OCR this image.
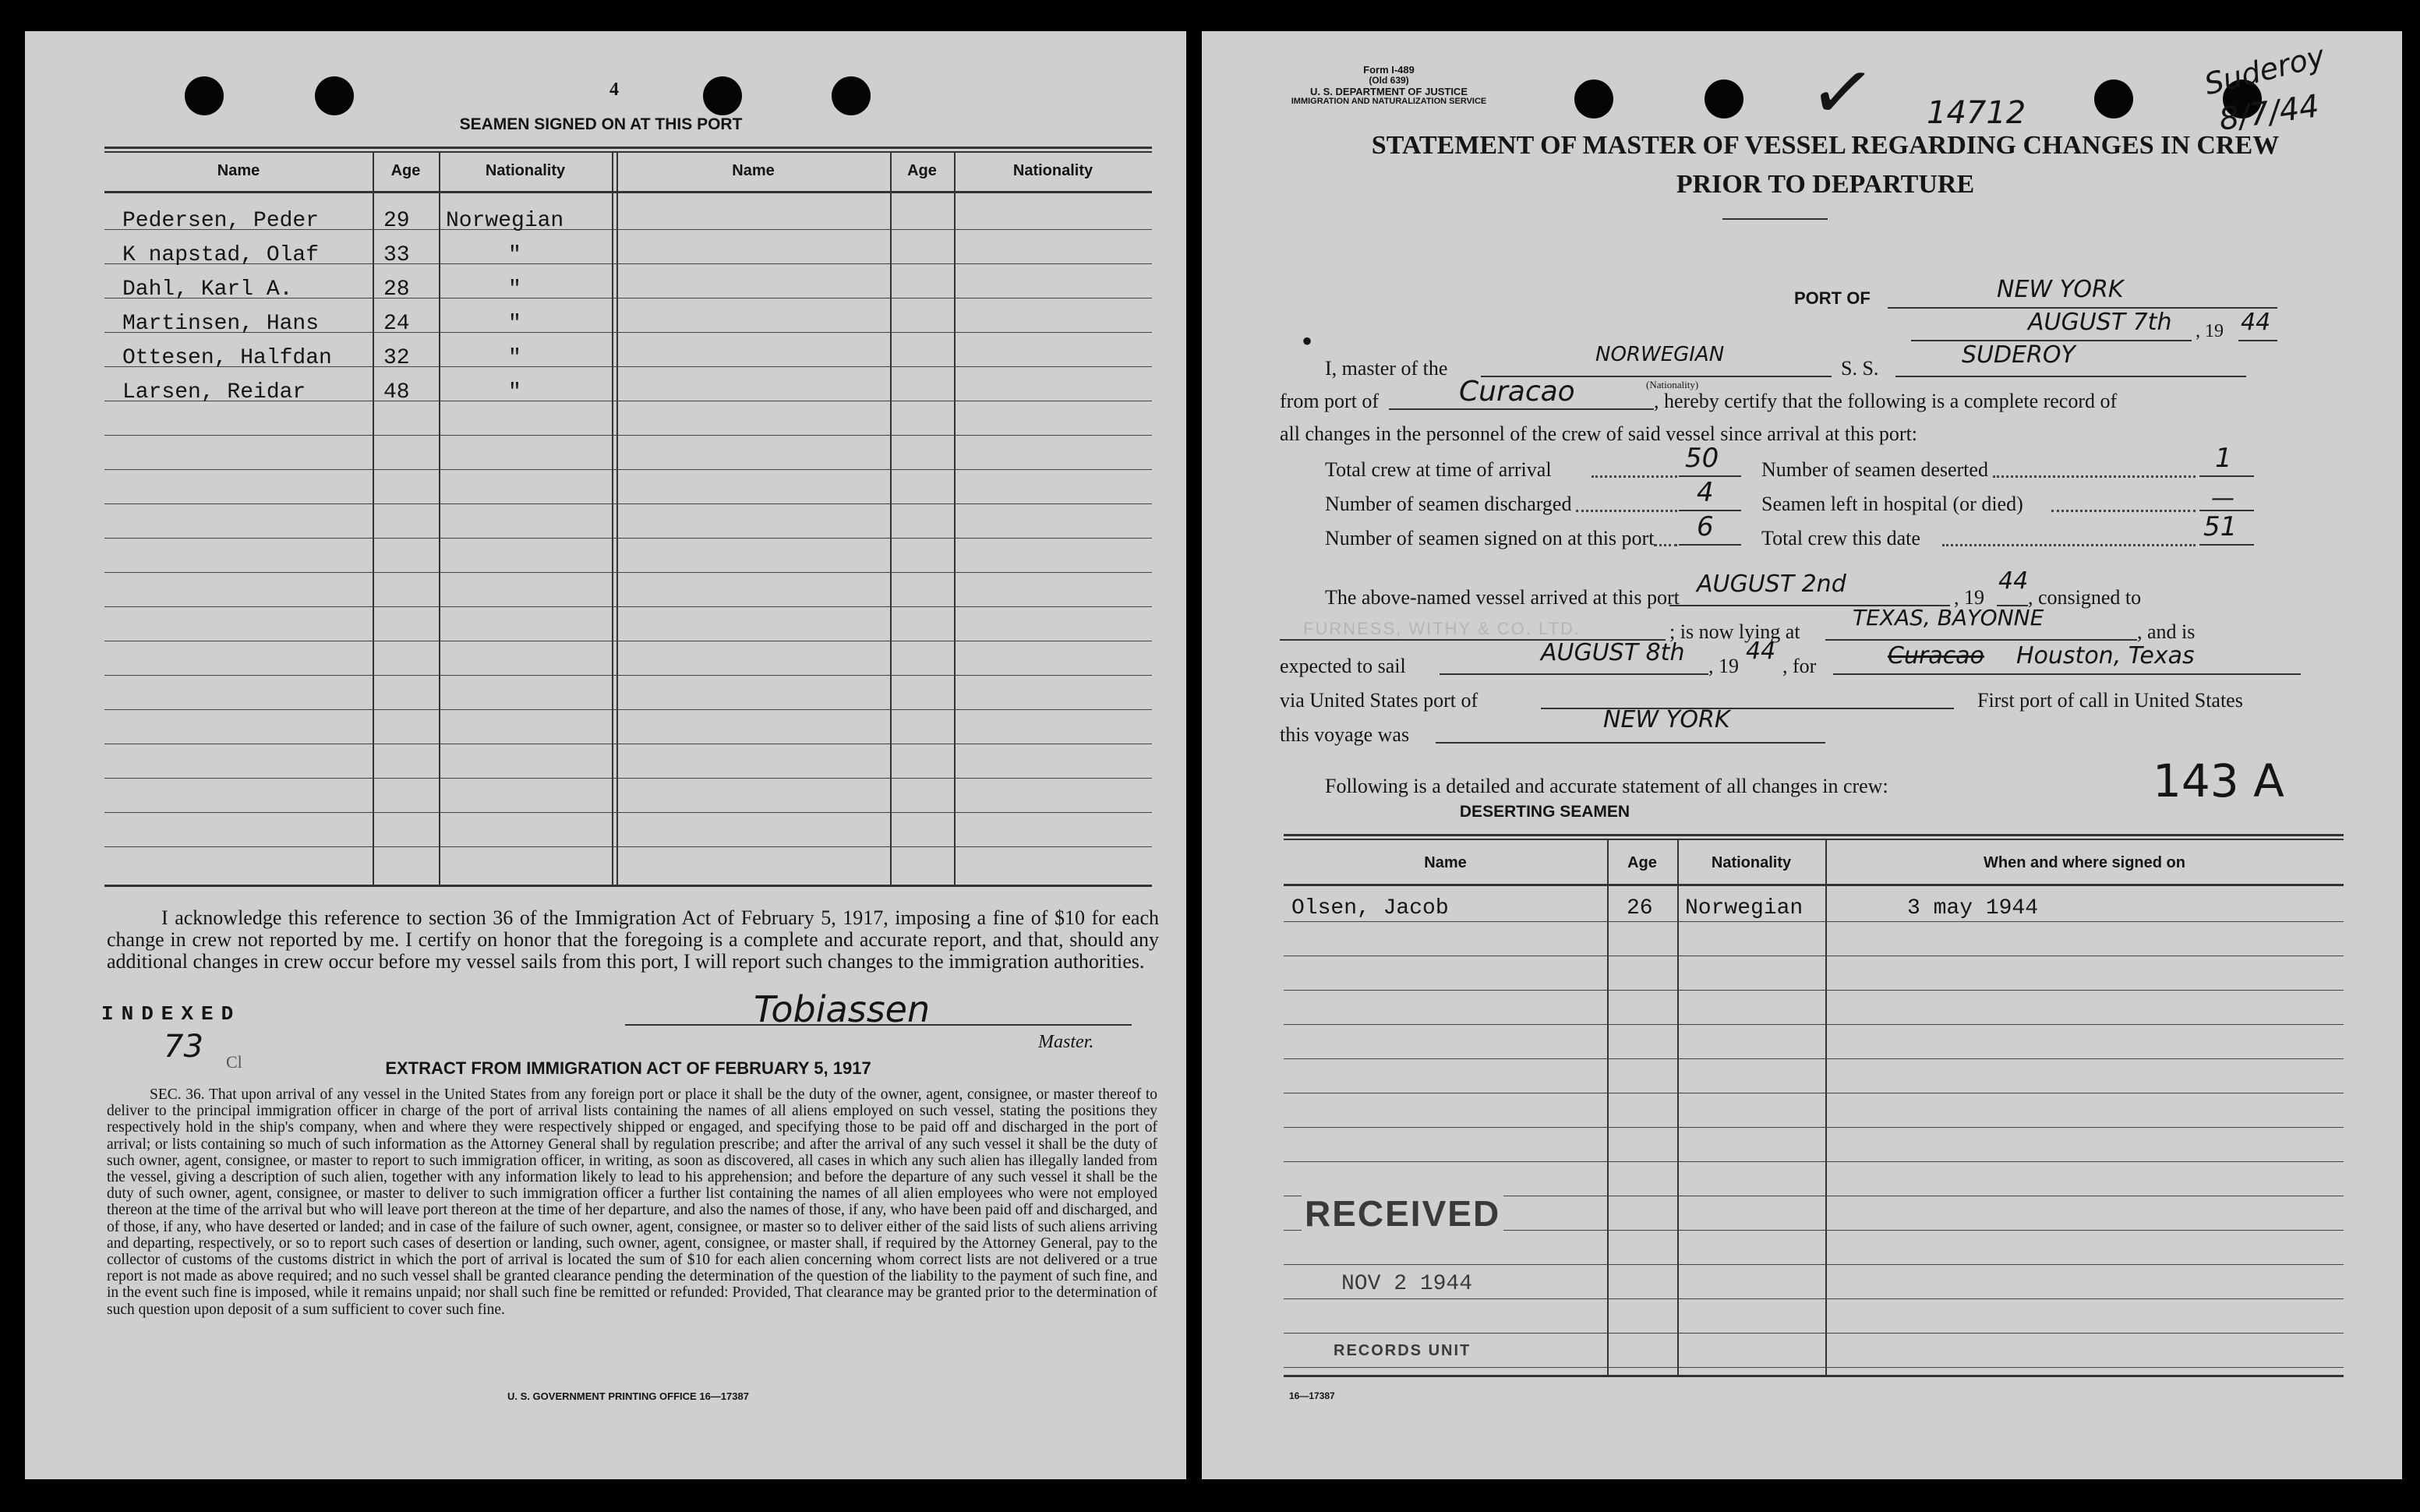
4
SEAMEN SIGNED ON AT THIS PORT
Name	Age	Nationality	Name	Age	Nationality
Pedersen, Peder	29 Norwegian
K napstad, Olaf	33	"
Dahl, Karl A.	28	"
Martinsen, Hans	24	"
Ottesen, Halfdan 32	"
Larsen, Reidar	48	"

I acknowledge this reference to section 36 of the Immigration Act of February 5, 1917, imposing a fine of $10 for each change in crew not reported by me. I certify on honor that the foregoing is a complete and accurate report, and that, should any additional changes in crew occur before my vessel sails from this port, I will report such changes to the immigration authorities.

INDEXED
73 Cl
Tobiassen
Master.
EXTRACT FROM IMMIGRATION ACT OF FEBRUARY 5, 1917

SEC. 36. That upon arrival of any vessel in the United States from any foreign port or place it shall be the duty of the owner, agent, consignee, or master thereof to deliver to the principal immigration officer in charge of the port of arrival lists containing the names of all aliens employed on such vessel, stating the positions they respectively hold in the ship's company, when and where they were respectively shipped or engaged, and specifying those to be paid off and discharged in the port of arrival; or lists containing so much of such information as the Attorney General shall by regulation prescribe; and after the arrival of any such vessel it shall be the duty of such owner, agent, consignee, or master to report to such immigration officer, in writing, as soon as discovered, all cases in which any such alien has illegally landed from the vessel, giving a description of such alien, together with any information likely to lead to his apprehension; and before the departure of any such vessel it shall be the duty of such owner, agent, consignee, or master to deliver to such immigration officer a further list containing the names of all alien employees who were not employed thereon at the time of the arrival but who will leave port thereon at the time of her departure, and also the names of those, if any, who have been paid off and discharged, and of those, if any, who have deserted or landed; and in case of the failure of such owner, agent, consignee, or master so to deliver either of the said lists of such aliens arriving and departing, respectively, or so to report such cases of desertion or landing, such owner, agent, consignee, or master shall, if required by the Attorney General, pay to the collector of customs of the customs district in which the port of arrival is located the sum of $10 for each alien concerning whom correct lists are not delivered or a true report is not made as above required; and no such vessel shall be granted clearance pending the determination of the question of the liability to the payment of such fine, and in the event such fine is imposed, while it remains unpaid; nor shall such fine be remitted or refunded: Provided, That clearance may be granted prior to the determination of such question upon deposit of a sum sufficient to cover such fine.

U. S. GOVERNMENT PRINTING OFFICE 16—17387
Form I-489
(Old 639)
U. S. DEPARTMENT OF JUSTICE
IMMIGRATION AND NATURALIZATION SERVICE	✓ 14712
Suderoy
8/7/44
STATEMENT OF MASTER OF VESSEL REGARDING CHANGES IN CREW
PRIOR TO DEPARTURE
•
PORT OF	NEW YORK
AUGUST 7th , 19 44
I, master of the
NORWEGIAN
(Nationality)
S. S.	SUDEROY
from port of	Curacao	, hereby certify that the following is a complete record of
all changes in the personnel of the crew of said vessel since arrival at this port:
Total crew at time of arrival	50
Number of seamen discharged	4
Number of seamen signed on at this port 6
Number of seamen deserted	1
Seamen left in hospital (or died)	—
Total crew this date	51
The above-named vessel arrived at this port AUGUST 2nd	, 19
44
, consigned to
FURNESS, WITHY & CO. LTD.	; is now lying at
TEXAS, BAYONNE
, and is
expected to sail	AUGUST 8th , 19
44
, for	Curacao Houston, Texas
via United States port of	First port of call in United States
this voyage was
NEW YORK
Following is a detailed and accurate statement of all changes in crew:	143 A
DESERTING SEAMEN
Name	Age	Nationality	When and where signed on
Olsen, Jacob	26 Norwegian	3 may 1944
RECEIVED
NOV 2 1944
RECORDS UNIT
16—17387
